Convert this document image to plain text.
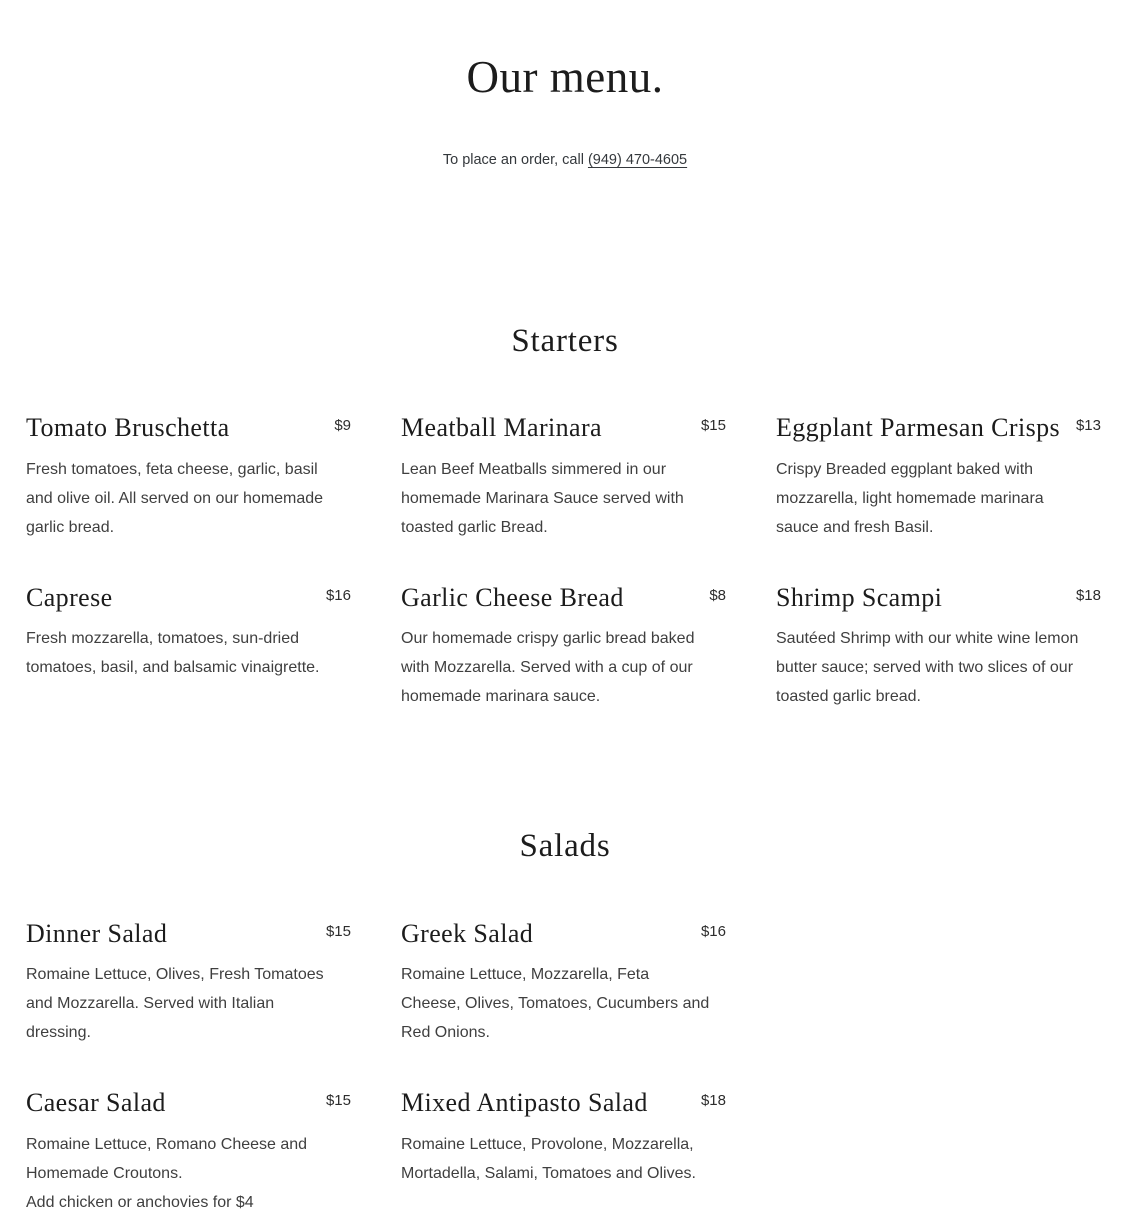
Our menu.

To place an order, call (949) 470-4605

Starters
Tomato Bruschetta	$9

Fresh tomatoes, feta cheese, garlic, basil and olive oil. All served on our homemade garlic bread.

Meatball Marinara	$15

Lean Beef Meatballs simmered in our homemade Marinara Sauce served with toasted garlic Bread.

Eggplant Parmesan Crisps $13

Crispy Breaded eggplant baked with mozzarella, light homemade marinara sauce and fresh Basil.

Caprese	$16

Fresh mozzarella, tomatoes, sun-dried tomatoes, basil, and balsamic vinaigrette.

Garlic Cheese Bread	$8

Our homemade crispy garlic bread baked with Mozzarella. Served with a cup of our homemade marinara sauce.

Shrimp Scampi	$18

Sautéed Shrimp with our white wine lemon butter sauce; served with two slices of our toasted garlic bread.

Salads
Dinner Salad	$15

Romaine Lettuce, Olives, Fresh Tomatoes and Mozzarella. Served with Italian dressing.

Greek Salad	$16

Romaine Lettuce, Mozzarella, Feta Cheese, Olives, Tomatoes, Cucumbers and Red Onions.

Caesar Salad	$15

Romaine Lettuce, Romano Cheese and Homemade Croutons.

Add chicken or anchovies for $4

Mixed Antipasto Salad	$18

Romaine Lettuce, Provolone, Mozzarella, Mortadella, Salami, Tomatoes and Olives.
